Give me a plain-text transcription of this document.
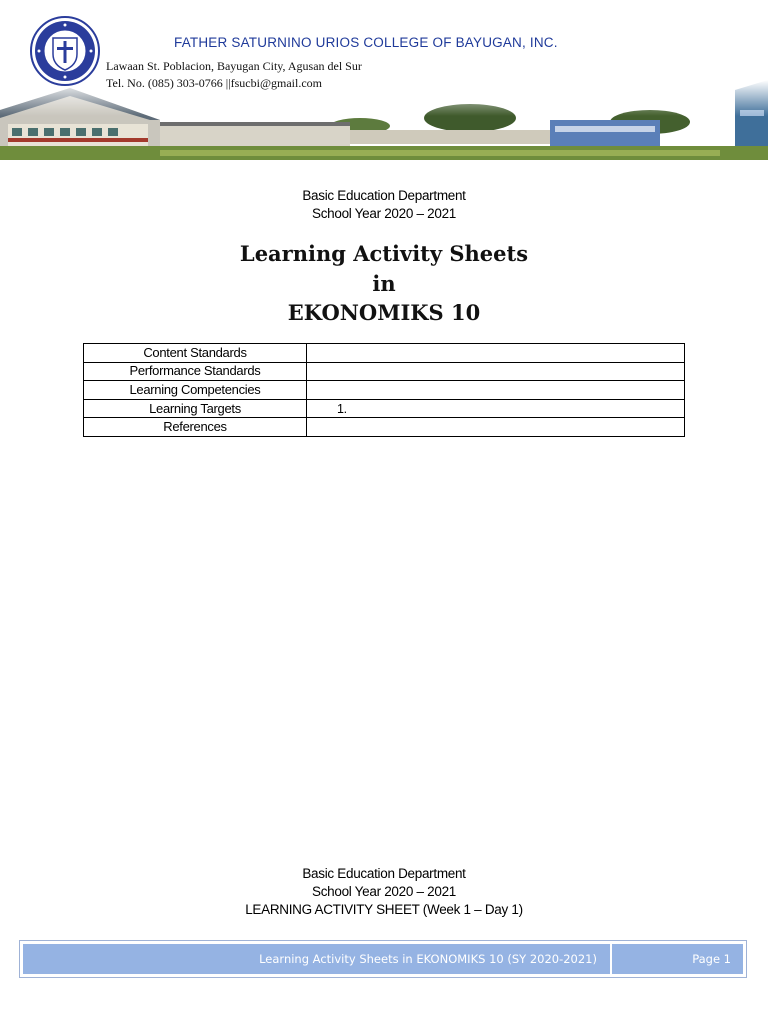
FATHER SATURNINO URIOS COLLEGE OF BAYUGAN, INC.
Lawaan St. Poblacion, Bayugan City, Agusan del Sur
Tel. No. (085) 303-0766 ||fsucbi@gmail.com
Basic Education Department
School Year 2020 – 2021
Learning Activity Sheets
in
EKONOMIKS 10
Content Standards	
Performance Standards	
Learning Competencies	
Learning Targets	1.
References	
Basic Education Department
School Year 2020 – 2021
LEARNING ACTIVITY SHEET (Week 1 – Day 1)
Learning Activity Sheets in EKONOMIKS 10 (SY 2020-2021)	Page 1
